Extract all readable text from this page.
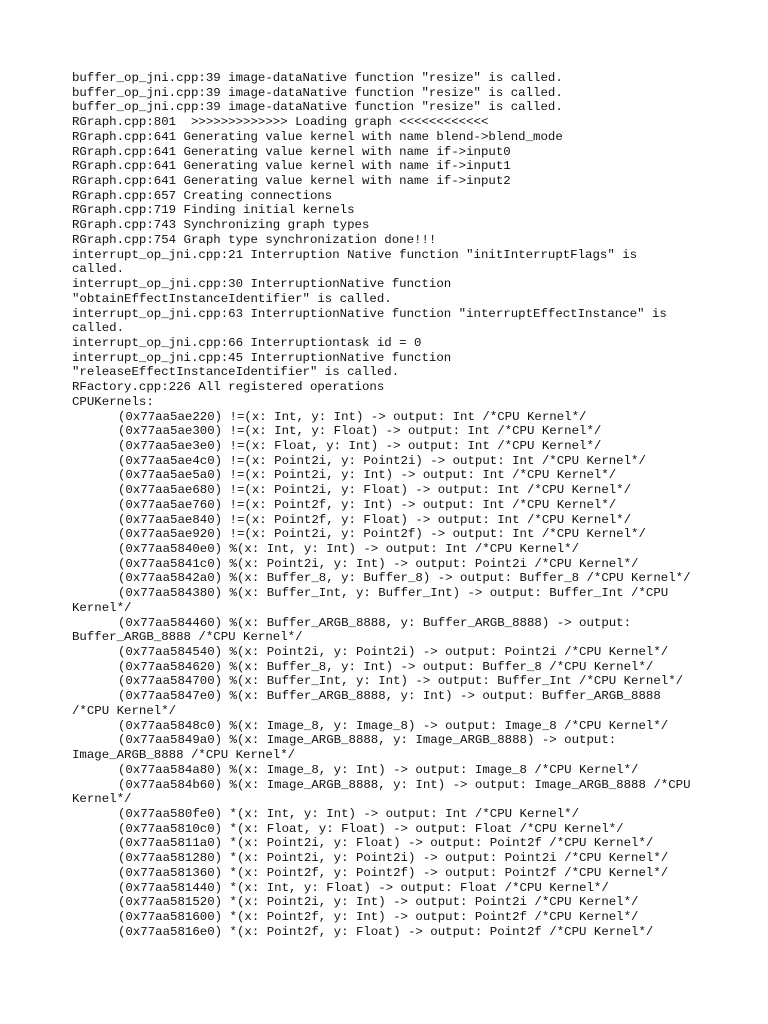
buffer_op_jni.cpp:39 image-dataNative function "resize" is called.
buffer_op_jni.cpp:39 image-dataNative function "resize" is called.
buffer_op_jni.cpp:39 image-dataNative function "resize" is called.
RGraph.cpp:801  >>>>>>>>>>>>> Loading graph <<<<<<<<<<<<
RGraph.cpp:641 Generating value kernel with name blend->blend_mode
RGraph.cpp:641 Generating value kernel with name if->input0
RGraph.cpp:641 Generating value kernel with name if->input1
RGraph.cpp:641 Generating value kernel with name if->input2
RGraph.cpp:657 Creating connections
RGraph.cpp:719 Finding initial kernels
RGraph.cpp:743 Synchronizing graph types
RGraph.cpp:754 Graph type synchronization done!!!
interrupt_op_jni.cpp:21 Interruption Native function "initInterruptFlags" is
called.
interrupt_op_jni.cpp:30 InterruptionNative function
"obtainEffectInstanceIdentifier" is called.
interrupt_op_jni.cpp:63 InterruptionNative function "interruptEffectInstance" is
called.
interrupt_op_jni.cpp:66 Interruptiontask id = 0
interrupt_op_jni.cpp:45 InterruptionNative function
"releaseEffectInstanceIdentifier" is called.
RFactory.cpp:226 All registered operations
CPUKernels:
(0x77aa5ae220) !=(x: Int, y: Int) -> output: Int /*CPU Kernel*/
(0x77aa5ae300) !=(x: Int, y: Float) -> output: Int /*CPU Kernel*/
(0x77aa5ae3e0) !=(x: Float, y: Int) -> output: Int /*CPU Kernel*/
(0x77aa5ae4c0) !=(x: Point2i, y: Point2i) -> output: Int /*CPU Kernel*/
(0x77aa5ae5a0) !=(x: Point2i, y: Int) -> output: Int /*CPU Kernel*/
(0x77aa5ae680) !=(x: Point2i, y: Float) -> output: Int /*CPU Kernel*/
(0x77aa5ae760) !=(x: Point2f, y: Int) -> output: Int /*CPU Kernel*/
(0x77aa5ae840) !=(x: Point2f, y: Float) -> output: Int /*CPU Kernel*/
(0x77aa5ae920) !=(x: Point2i, y: Point2f) -> output: Int /*CPU Kernel*/
(0x77aa5840e0) %(x: Int, y: Int) -> output: Int /*CPU Kernel*/
(0x77aa5841c0) %(x: Point2i, y: Int) -> output: Point2i /*CPU Kernel*/
(0x77aa5842a0) %(x: Buffer_8, y: Buffer_8) -> output: Buffer_8 /*CPU Kernel*/
(0x77aa584380) %(x: Buffer_Int, y: Buffer_Int) -> output: Buffer_Int /*CPU
Kernel*/
(0x77aa584460) %(x: Buffer_ARGB_8888, y: Buffer_ARGB_8888) -> output:
Buffer_ARGB_8888 /*CPU Kernel*/
(0x77aa584540) %(x: Point2i, y: Point2i) -> output: Point2i /*CPU Kernel*/
(0x77aa584620) %(x: Buffer_8, y: Int) -> output: Buffer_8 /*CPU Kernel*/
(0x77aa584700) %(x: Buffer_Int, y: Int) -> output: Buffer_Int /*CPU Kernel*/
(0x77aa5847e0) %(x: Buffer_ARGB_8888, y: Int) -> output: Buffer_ARGB_8888
/*CPU Kernel*/
(0x77aa5848c0) %(x: Image_8, y: Image_8) -> output: Image_8 /*CPU Kernel*/
(0x77aa5849a0) %(x: Image_ARGB_8888, y: Image_ARGB_8888) -> output:
Image_ARGB_8888 /*CPU Kernel*/
(0x77aa584a80) %(x: Image_8, y: Int) -> output: Image_8 /*CPU Kernel*/
(0x77aa584b60) %(x: Image_ARGB_8888, y: Int) -> output: Image_ARGB_8888 /*CPU
Kernel*/
(0x77aa580fe0) *(x: Int, y: Int) -> output: Int /*CPU Kernel*/
(0x77aa5810c0) *(x: Float, y: Float) -> output: Float /*CPU Kernel*/
(0x77aa5811a0) *(x: Point2i, y: Float) -> output: Point2f /*CPU Kernel*/
(0x77aa581280) *(x: Point2i, y: Point2i) -> output: Point2i /*CPU Kernel*/
(0x77aa581360) *(x: Point2f, y: Point2f) -> output: Point2f /*CPU Kernel*/
(0x77aa581440) *(x: Int, y: Float) -> output: Float /*CPU Kernel*/
(0x77aa581520) *(x: Point2i, y: Int) -> output: Point2i /*CPU Kernel*/
(0x77aa581600) *(x: Point2f, y: Int) -> output: Point2f /*CPU Kernel*/
(0x77aa5816e0) *(x: Point2f, y: Float) -> output: Point2f /*CPU Kernel*/
